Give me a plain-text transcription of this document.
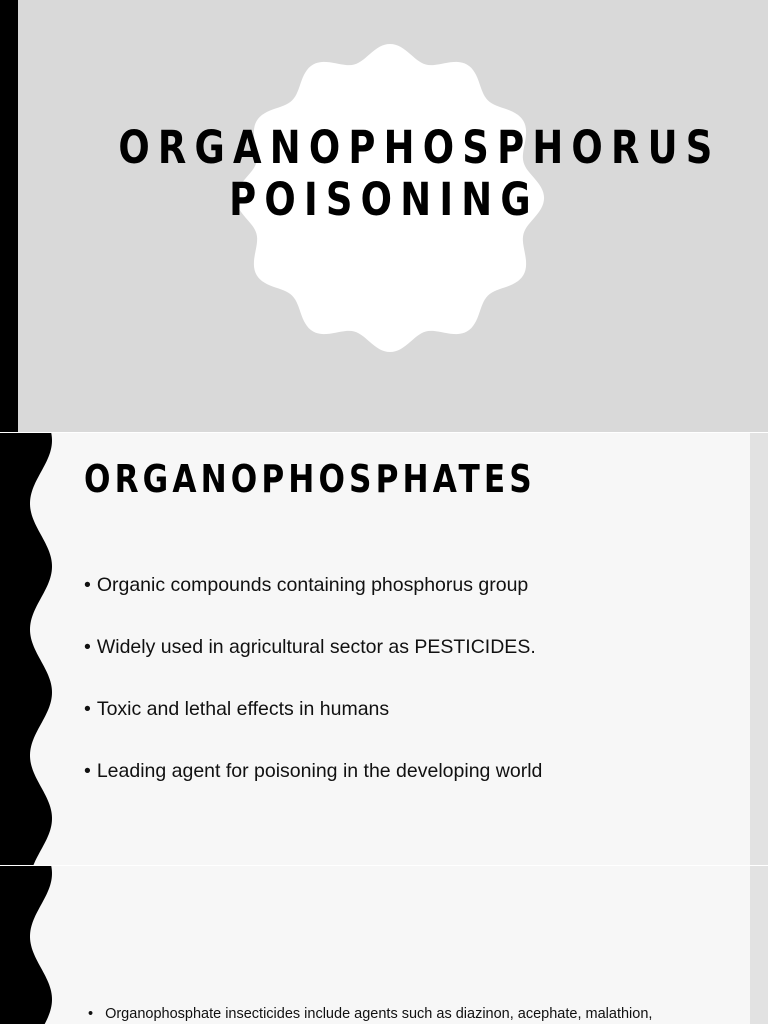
ORGANOPHOSPHORUS
POISONING
ORGANOPHOSPHATES
• Organic compounds containing phosphorus group
• Widely used in agricultural sector as PESTICIDES.
• Toxic and lethal effects in humans
• Leading agent for poisoning in the developing world

• Organophosphate insecticides include agents such as diazinon, acephate, malathion,
